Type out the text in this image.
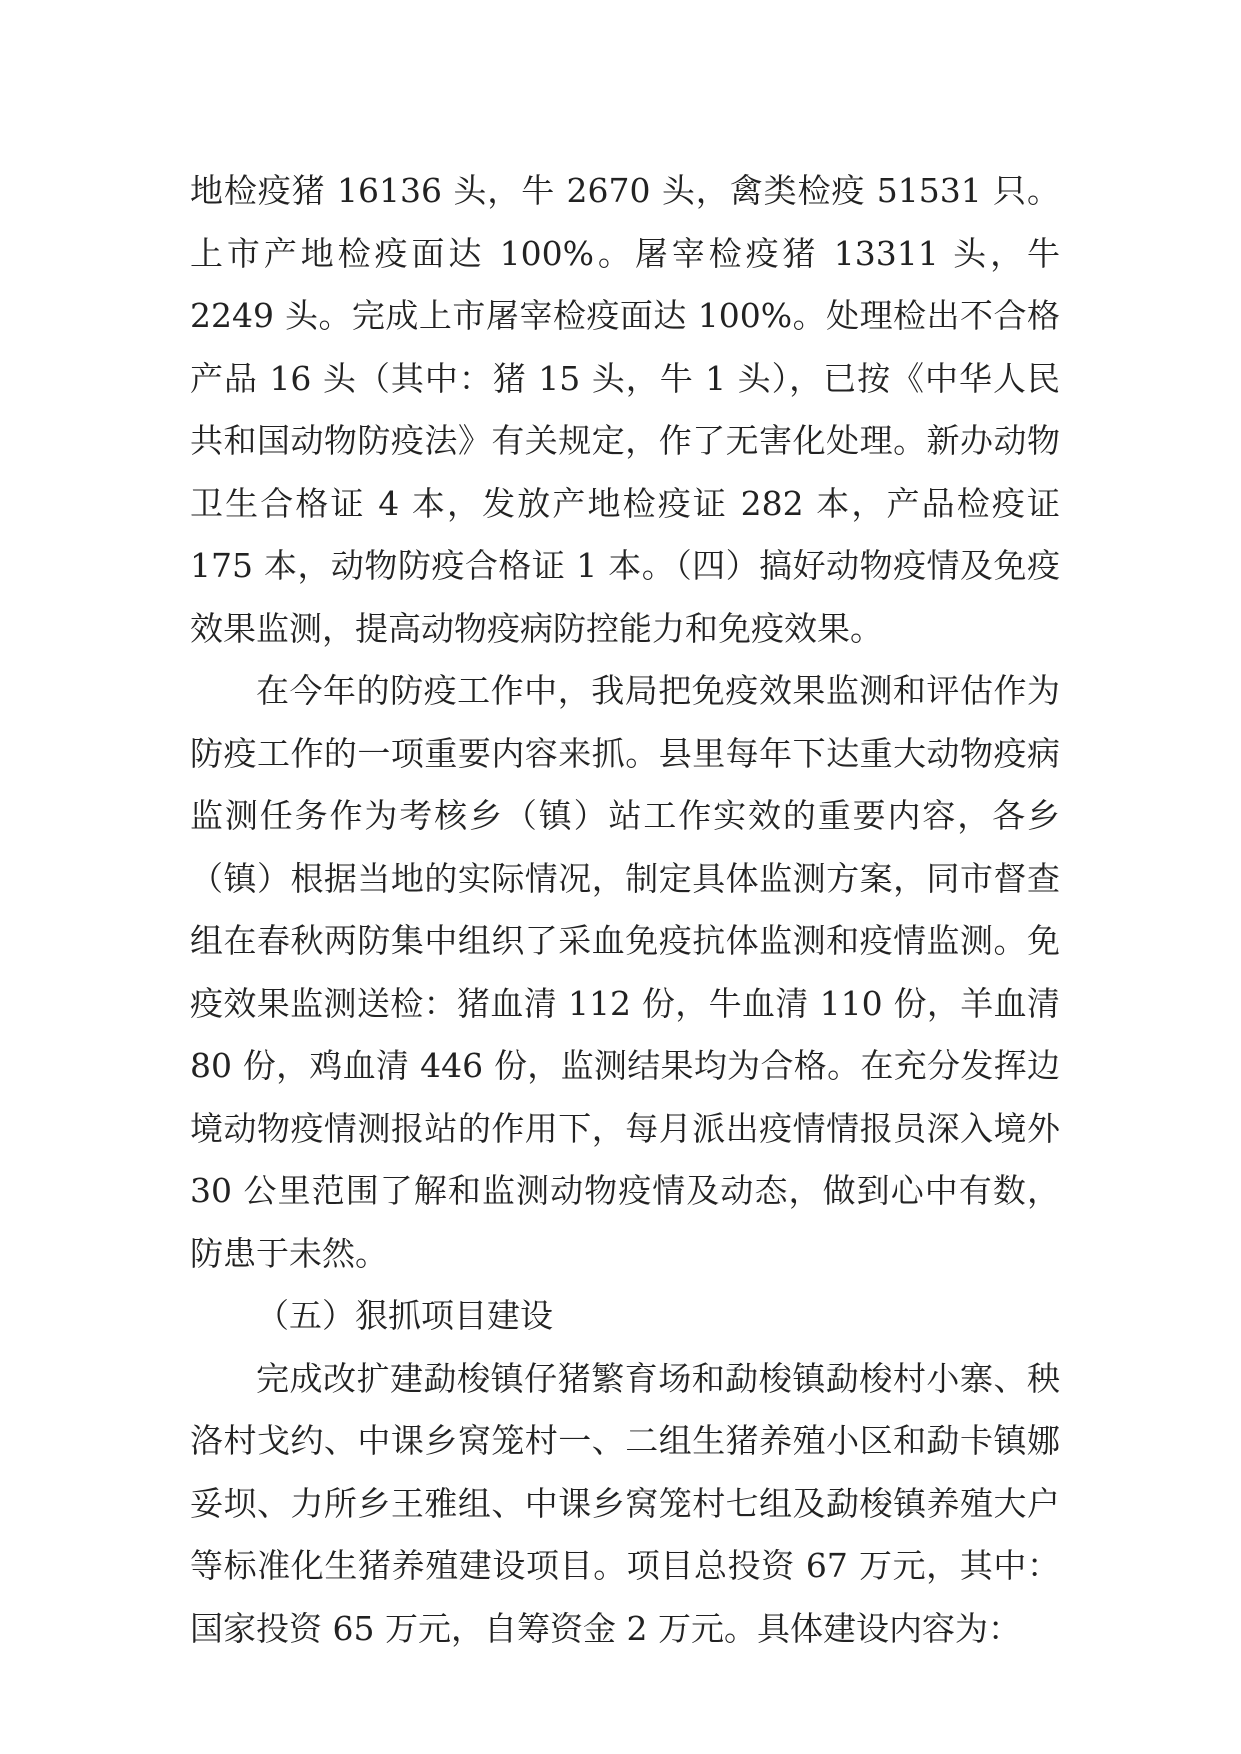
地检疫猪 16136 头，牛 2670 头，禽类检疫 51531 只。上市产地检疫面达 100%。屠宰检疫猪 13311 头，牛 2249 头。完成上市屠宰检疫面达 100%。处理检出不合格产品 16 头（其中：猪 15 头，牛 1 头），已按《中华人民共和国动物防疫法》有关规定，作了无害化处理。新办动物卫生合格证 4 本，发放产地检疫证 282 本，产品检疫证 175 本，动物防疫合格证 1 本。（四）搞好动物疫情及免疫效果监测，提高动物疫病防控能力和免疫效果。

在今年的防疫工作中，我局把免疫效果监测和评估作为防疫工作的一项重要内容来抓。县里每年下达重大动物疫病监测任务作为考核乡（镇）站工作实效的重要内容，各乡（镇）根据当地的实际情况，制定具体监测方案，同市督查组在春秋两防集中组织了采血免疫抗体监测和疫情监测。免疫效果监测送检：猪血清 112 份，牛血清 110 份，羊血清 80 份，鸡血清 446 份，监测结果均为合格。在充分发挥边境动物疫情测报站的作用下，每月派出疫情情报员深入境外 30 公里范围了解和监测动物疫情及动态，做到心中有数，防患于未然。

（五）狠抓项目建设

完成改扩建勐梭镇仔猪繁育场和勐梭镇勐梭村小寨、秧洛村戈约、中课乡窝笼村一、二组生猪养殖小区和勐卡镇娜妥坝、力所乡王雅组、中课乡窝笼村七组及勐梭镇养殖大户等标准化生猪养殖建设项目。项目总投资 67 万元，其中：国家投资 65 万元，自筹资金 2 万元。具体建设内容为：
